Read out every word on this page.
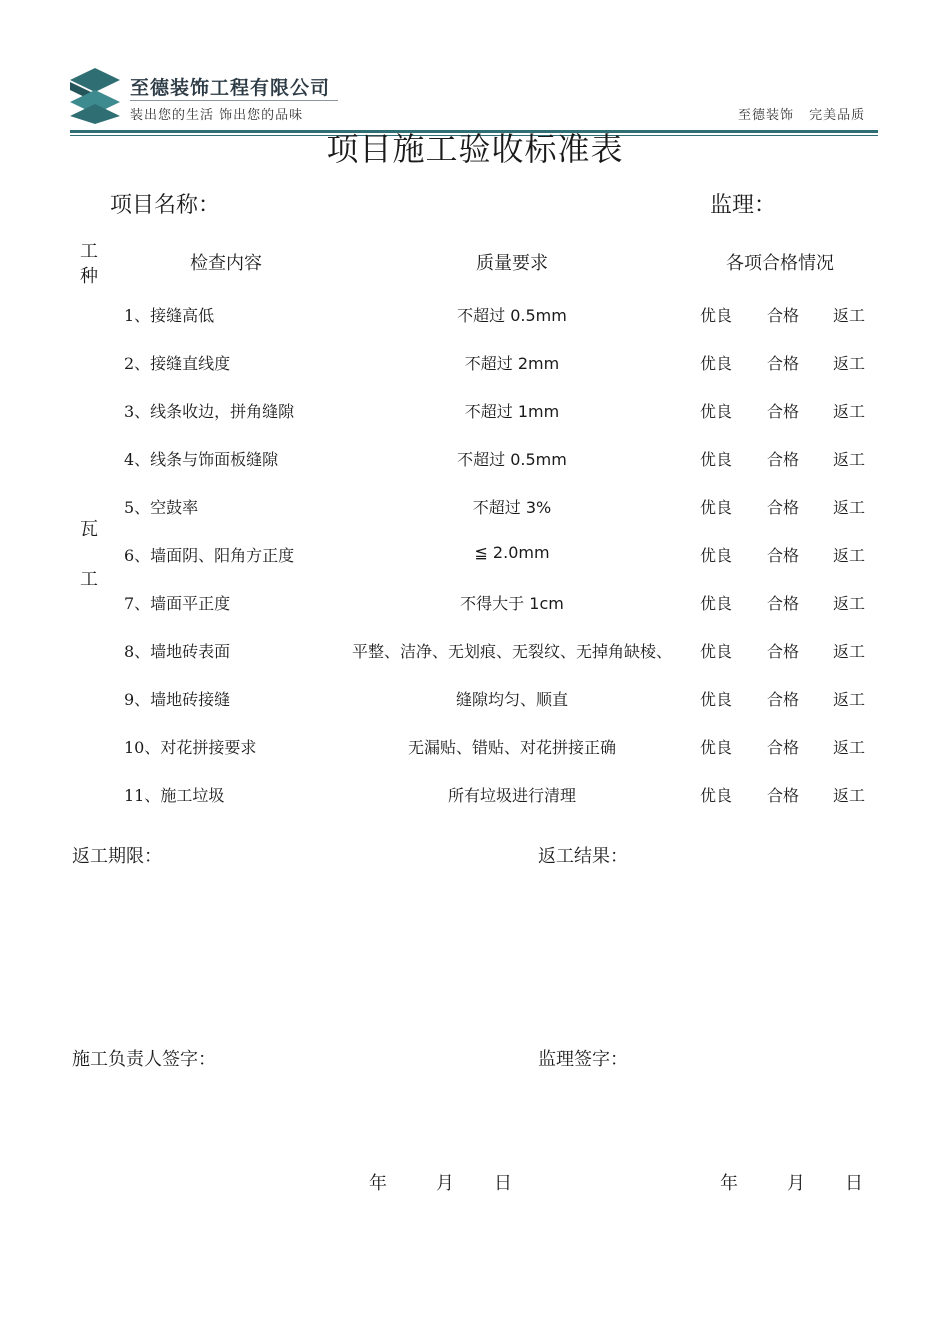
至德装饰工程有限公司
装出您的生活 饰出您的品味	至德装饰 完美品质
项目施工验收标准表
项目名称：	监理：
工
种
检查内容	质量要求	各项合格情况
瓦
工
1、接缝高低	不超过 0.5mm	优良 合格 返工
2、接缝直线度	不超过 2mm	优良 合格 返工
3、线条收边，拼角缝隙	不超过 1mm	优良 合格 返工
4、线条与饰面板缝隙	不超过 0.5mm	优良 合格 返工
5、空鼓率	不超过 3%	优良 合格 返工
6、墙面阴、阳角方正度	≦ 2.0mm	优良 合格 返工
7、墙面平正度	不得大于 1cm	优良 合格 返工
8、墙地砖表面	平整、洁净、无划痕、无裂纹、无掉角缺棱、	优良 合格 返工
9、墙地砖接缝	缝隙均匀、顺直	优良 合格 返工
10、对花拼接要求	无漏贴、错贴、对花拼接正确	优良 合格 返工
11、施工垃圾	所有垃圾进行清理	优良 合格 返工
返工期限：	返工结果：
施工负责人签字：	监理签字：
年	月 日	年	月 日
